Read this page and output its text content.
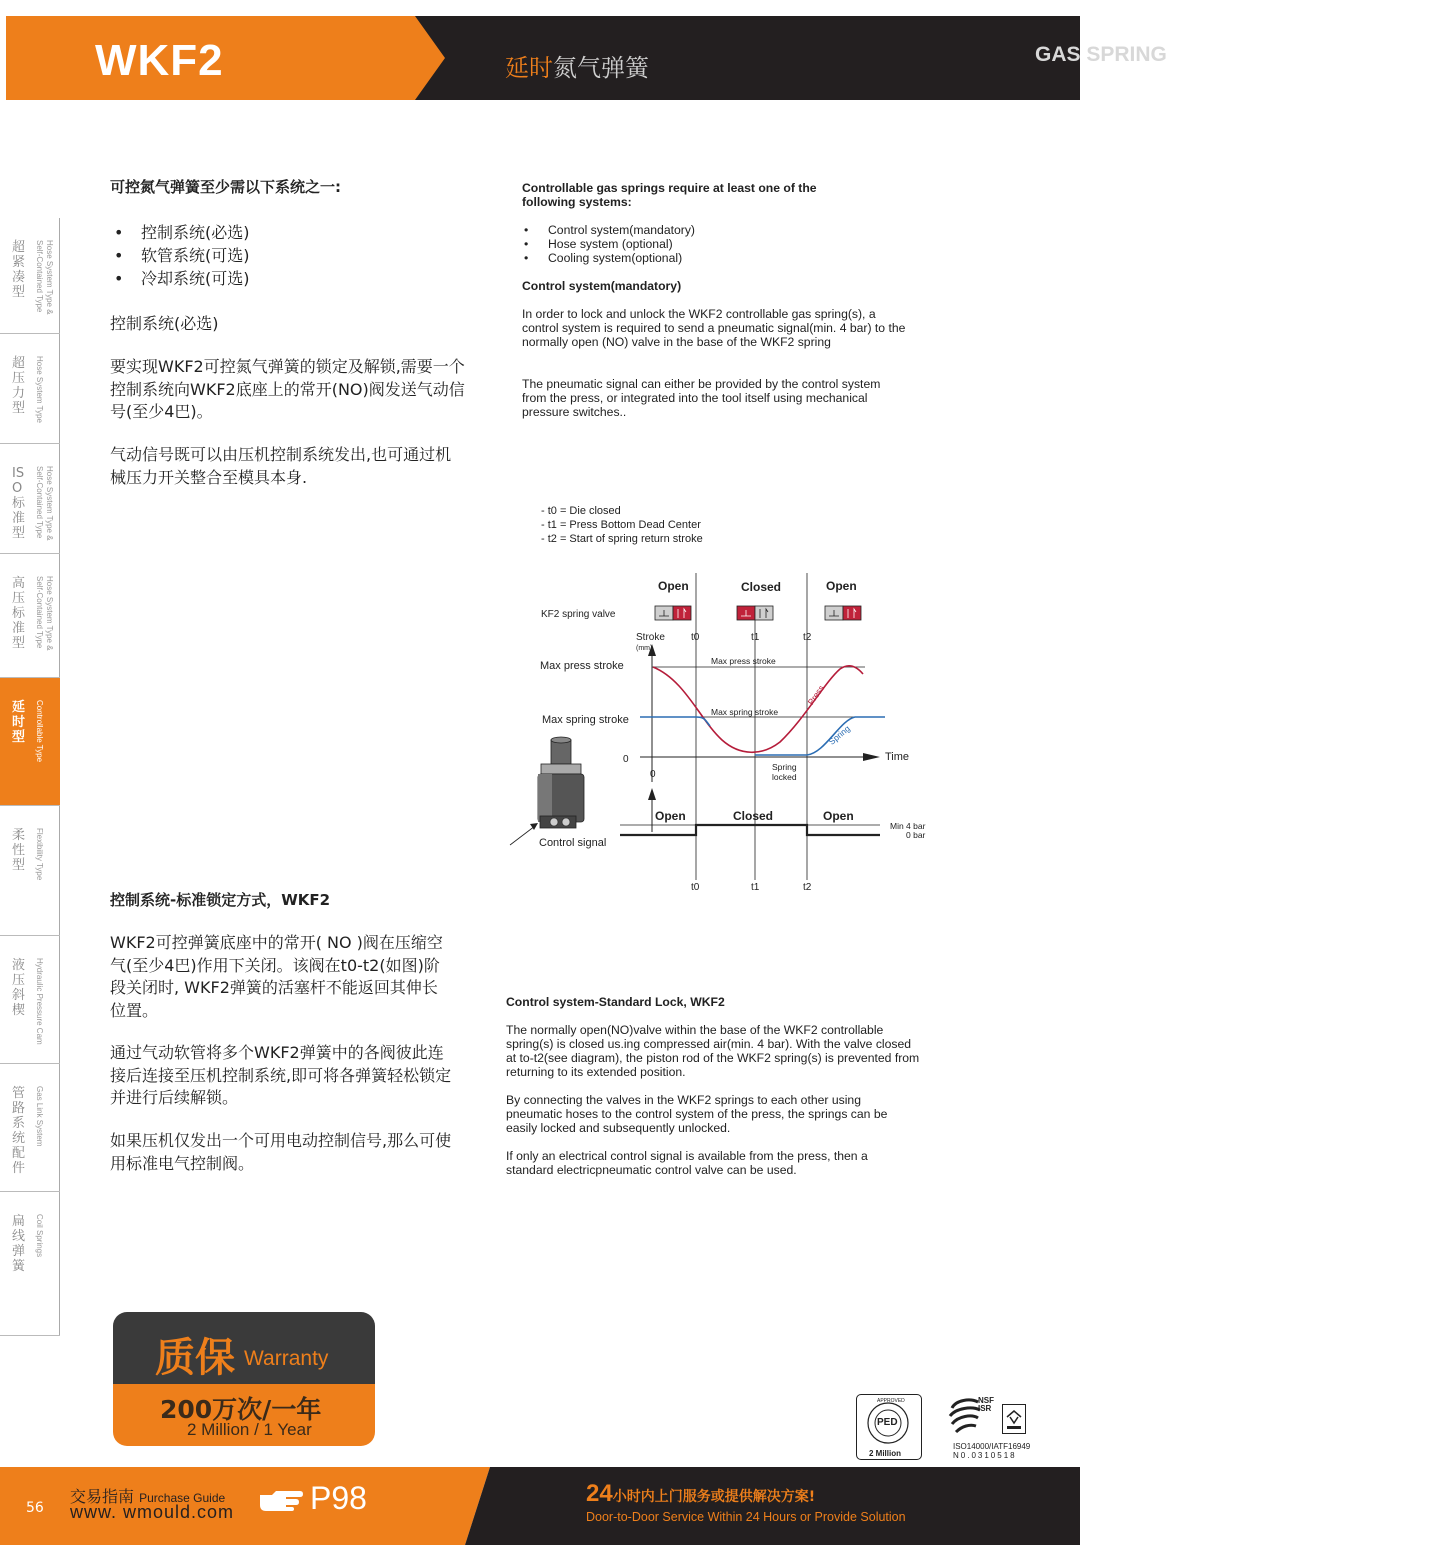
WKF2	延时氮气弹簧	GAS SPRING
超紧凑型
Hose System Type &
Self-Contained Type
超压力型	Hose System Type
ISO标准型
Hose System Type &
Self-Contained Type
高压标准型
Hose System Type &
Self-Contained Type
延时型	Controllable Type
柔性型	Flexibility Type
液压斜楔	Hydraulic Pressure Cam
管路系统配件
Gas Link System
扁线弹簧
Coil Springs
可控氮气弹簧至少需以下系统之一:
• 控制系统(必选)
• 软管系统(可选)
• 冷却系统(可选)
控制系统(必选)
要实现WKF2可控氮气弹簧的锁定及解锁,需要一个控制系统向WKF2底座上的常开(NO)阀发送气动信号(至少4巴)。
气动信号既可以由压机控制系统发出,也可通过机械压力开关整合至模具本身.
控制系统-标准锁定方式，WKF2
WKF2可控弹簧底座中的常开( NO )阀在压缩空气(至少4巴)作用下关闭。该阀在t0-t2(如图)阶段关闭时, WKF2弹簧的活塞杆不能返回其伸长位置。
通过气动软管将多个WKF2弹簧中的各阀彼此连接后连接至压机控制系统,即可将各弹簧轻松锁定并进行后续解锁。
如果压机仅发出一个可用电动控制信号,那么可使用标准电气控制阀。
Controllable gas springs require at least one of the following systems:
• Control system(mandatory)
• Hose system (optional)
• Cooling system(optional)
Control system(mandatory)
In order to lock and unlock the WKF2 controllable gas spring(s), a control system is required to send a pneumatic signal(min. 4 bar) to the normally open (NO) valve in the base of the WKF2 spring
The pneumatic signal can either be provided by the control system from the press, or integrated into the tool itself using mechanical pressure switches..
Control system-Standard Lock, WKF2
The normally open(NO)valve within the base of the WKF2 controllable spring(s) is closed us.ing compressed air(min. 4 bar). With the valve closed at to-t2(see diagram), the piston rod of the WKF2 spring(s) is prevented from returning to its extended position.
By connecting the valves in the WKF2 springs to each other using pneumatic hoses to the control system of the press, the springs can be easily locked and subsequently unlocked.
If only an electrical control signal is available from the press, then a standard electricpneumatic control valve can be used.
- t0 = Die closed
- t1 = Press Bottom Dead Center
- t2 = Start of spring return stroke
Open	Closed	Open
KF2 spring valve
Stroke
(mm)
t0	t1	t2
Max press stroke
Max spring stroke
Max press stroke
Max spring stroke
0
0
Time
Press
Spring
Spring
locked
Open	Closed	Open
Min 4 bar
0 bar
Control signal
t0	t1	t2
质保 Warranty
200万次/一年
2 Million / 1 Year
APPROVED
PED
2 Million
NSF
ISR
ISO14000/IATF16949
N0.0310518
56
交易指南 Purchase Guide
www. wmould.com P98	24小时内上门服务或提供解决方案!
Door-to-Door Service Within 24 Hours or Provide Solution
